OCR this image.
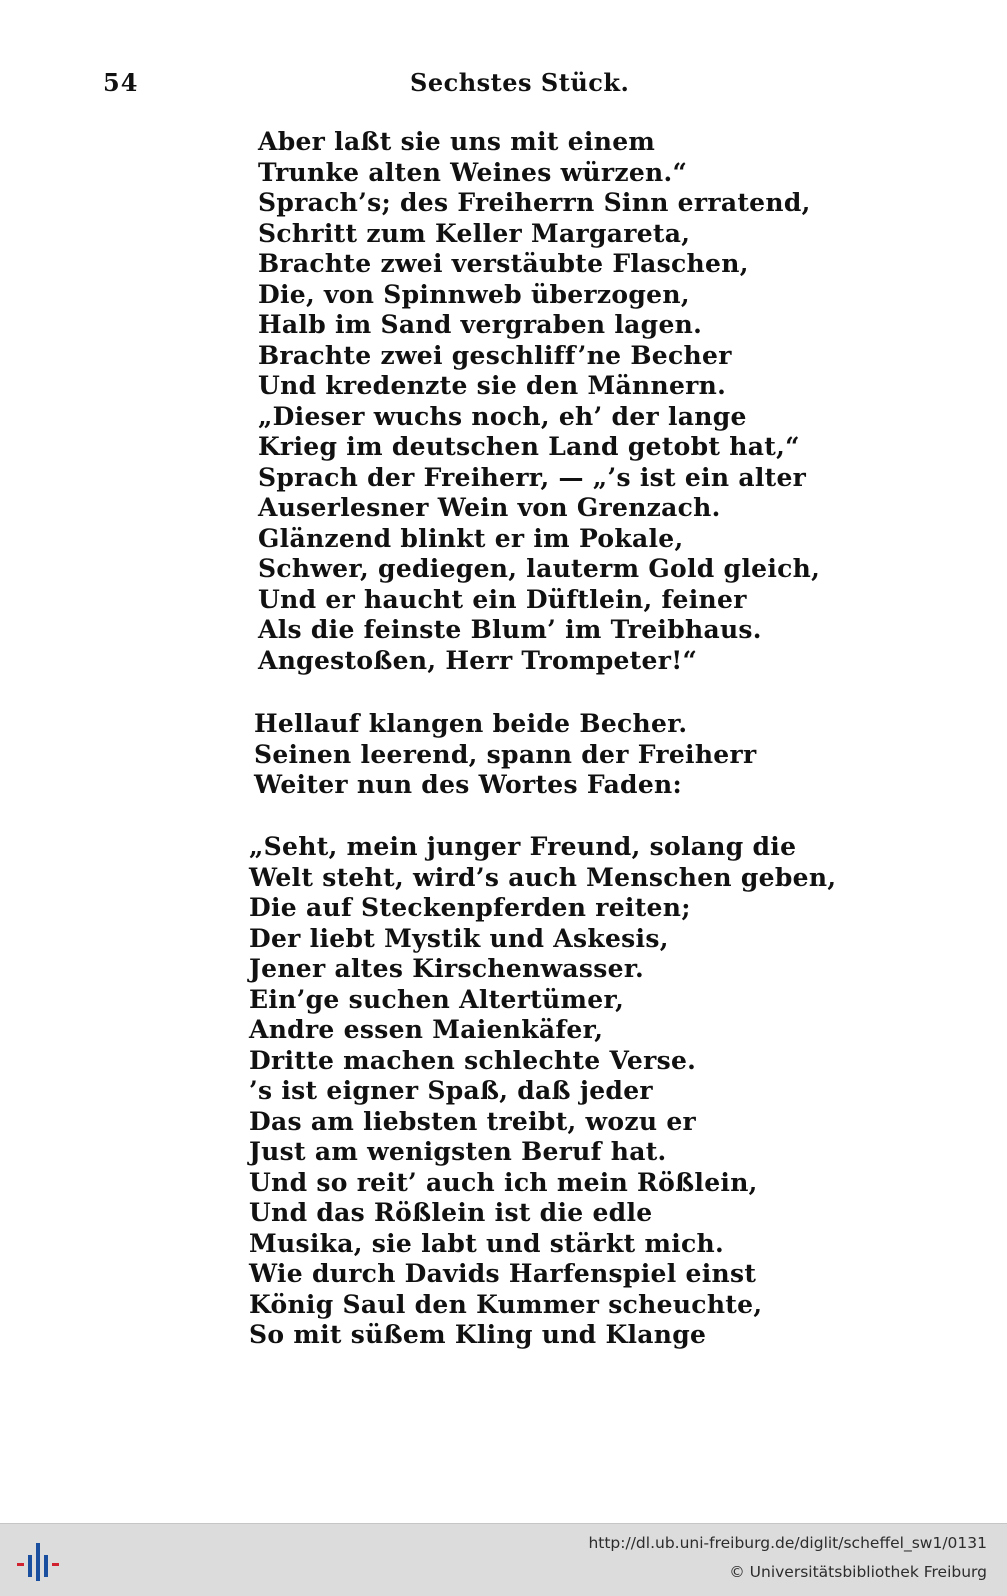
54	Sechstes Stück.
Aber laßt sie uns mit einem
Trunke alten Weines würzen.“
Sprach’s; des Freiherrn Sinn erratend,
Schritt zum Keller Margareta,
Brachte zwei verstäubte Flaschen,
Die, von Spinnweb überzogen,
Halb im Sand vergraben lagen.
Brachte zwei geschliff’ne Becher
Und kredenzte sie den Männern.
„Dieser wuchs noch, eh’ der lange
Krieg im deutschen Land getobt hat,“
Sprach der Freiherr, — „’s ist ein alter
Auserlesner Wein von Grenzach.
Glänzend blinkt er im Pokale,
Schwer, gediegen, lauterm Gold gleich,
Und er haucht ein Düftlein, feiner
Als die feinste Blum’ im Treibhaus.
Angestoßen, Herr Trompeter!“
Hellauf klangen beide Becher.
Seinen leerend, spann der Freiherr
Weiter nun des Wortes Faden:
„Seht, mein junger Freund, solang die
Welt steht, wird’s auch Menschen geben,
Die auf Steckenpferden reiten;
Der liebt Mystik und Askesis,
Jener altes Kirschenwasser.
Ein’ge suchen Altertümer,
Andre essen Maienkäfer,
Dritte machen schlechte Verse.
’s ist eigner Spaß, daß jeder
Das am liebsten treibt, wozu er
Just am wenigsten Beruf hat.
Und so reit’ auch ich mein Rößlein,
Und das Rößlein ist die edle
Musika, sie labt und stärkt mich.
Wie durch Davids Harfenspiel einst
König Saul den Kummer scheuchte,
So mit süßem Kling und Klange
http://dl.ub.uni-freiburg.de/diglit/scheffel_sw1/0131
© Universitätsbibliothek Freiburg
